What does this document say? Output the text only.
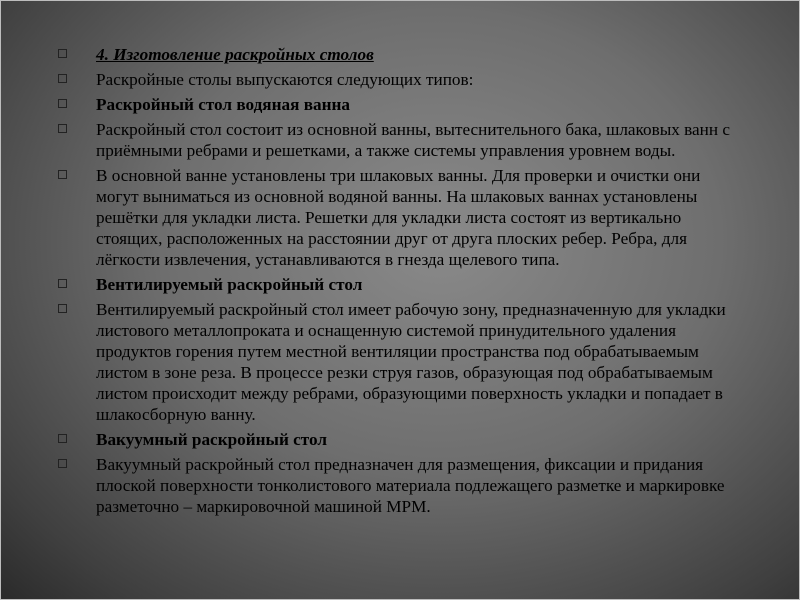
4. Изготовление раскройных столов
Раскройные столы выпускаются следующих типов:
Раскройный стол водяная ванна
Раскройный стол состоит из основной ванны, вытеснительного бака, шлаковых ванн с приёмными ребрами и решетками, а также системы управления уровнем воды.
В основной ванне установлены три шлаковых ванны. Для проверки и очистки они могут выниматься из основной водяной ванны. На шлаковых ваннах установлены решётки для укладки листа. Решетки для укладки листа состоят из вертикально стоящих, расположенных на расстоянии друг от друга плоских ребер. Ребра, для лёгкости извлечения, устанавливаются в гнезда щелевого типа.
Вентилируемый раскройный стол
Вентилируемый раскройный стол имеет рабочую зону, предназначенную для укладки листового металлопроката и оснащенную системой принудительного удаления продуктов горения путем местной вентиляции пространства под обрабатываемым листом в зоне реза. В процессе резки струя газов, образующая под обрабатываемым листом происходит между ребрами, образующими поверхность укладки и попадает в шлакосборную ванну.
Вакуумный раскройный стол
Вакуумный раскройный стол предназначен для размещения, фиксации и придания плоской поверхности тонколистового материала подлежащего разметке и маркировке разметочно – маркировочной машиной МРМ.
